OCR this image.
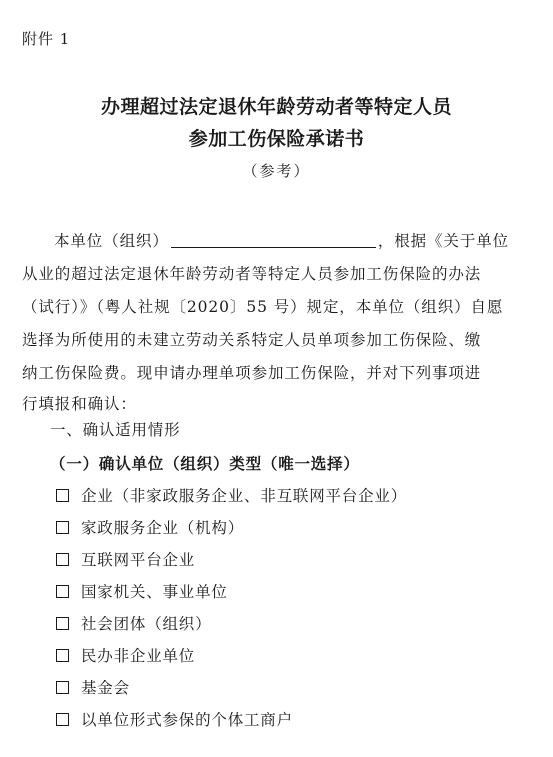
附件 1
办理超过法定退休年龄劳动者等特定人员
参加工伤保险承诺书
（参考）
本单位（组织）	，根据《关于单位
从业的超过法定退休年龄劳动者等特定人员参加工伤保险的办法
（试行）》（粤人社规〔2020〕55 号）规定，本单位（组织）自愿
选择为所使用的未建立劳动关系特定人员单项参加工伤保险、缴
纳工伤保险费。现申请办理单项参加工伤保险，并对下列事项进
行填报和确认：
一、确认适用情形
（一）确认单位（组织）类型（唯一选择）
企业（非家政服务企业、非互联网平台企业）
家政服务企业（机构）
互联网平台企业
国家机关、事业单位
社会团体（组织）
民办非企业单位
基金会
以单位形式参保的个体工商户
